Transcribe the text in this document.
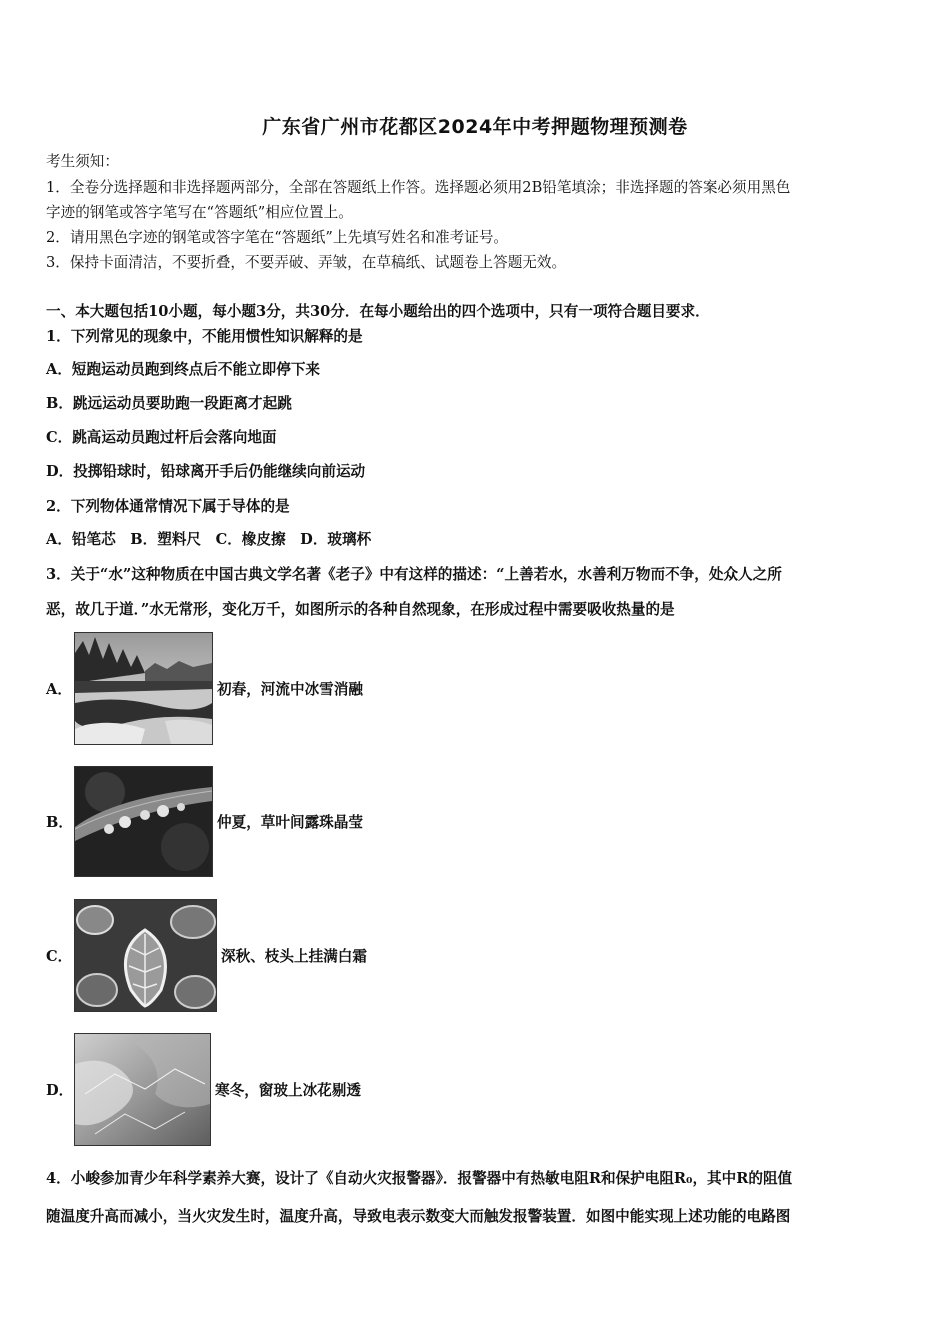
广东省广州市花都区2024年中考押题物理预测卷
考生须知：
1．全卷分选择题和非选择题两部分，全部在答题纸上作答。选择题必须用2B铅笔填涂；非选择题的答案必须用黑色
字迹的钢笔或答字笔写在“答题纸”相应位置上。
2．请用黑色字迹的钢笔或答字笔在“答题纸”上先填写姓名和准考证号。
3．保持卡面清洁，不要折叠，不要弄破、弄皱，在草稿纸、试题卷上答题无效。
一、本大题包括10小题，每小题3分，共30分．在每小题给出的四个选项中，只有一项符合题目要求．
1．下列常见的现象中，不能用惯性知识解释的是
A．短跑运动员跑到终点后不能立即停下来
B．跳远运动员要助跑一段距离才起跳
C．跳高运动员跑过杆后会落向地面
D．投掷铅球时，铅球离开手后仍能继续向前运动
2．下列物体通常情况下属于导体的是
A．铅笔芯　B．塑料尺　C．橡皮擦　D．玻璃杯
3．关于“水”这种物质在中国古典文学名著《老子》中有这样的描述：“上善若水，水善利万物而不争，处众人之所
恶，故几于道．”水无常形，变化万千，如图所示的各种自然现象，在形成过程中需要吸收热量的是
A．	初春，河流中冰雪消融
B．	仲夏，草叶间露珠晶莹
C．	深秋、枝头上挂满白霜
D．	寒冬，窗玻上冰花剔透
4．小峻参加青少年科学素养大赛，设计了《自动火灾报警器》．报警器中有热敏电阻R和保护电阻R₀，其中R的阻值
随温度升高而减小，当火灾发生时，温度升高，导致电表示数变大而触发报警装置．如图中能实现上述功能的电路图
